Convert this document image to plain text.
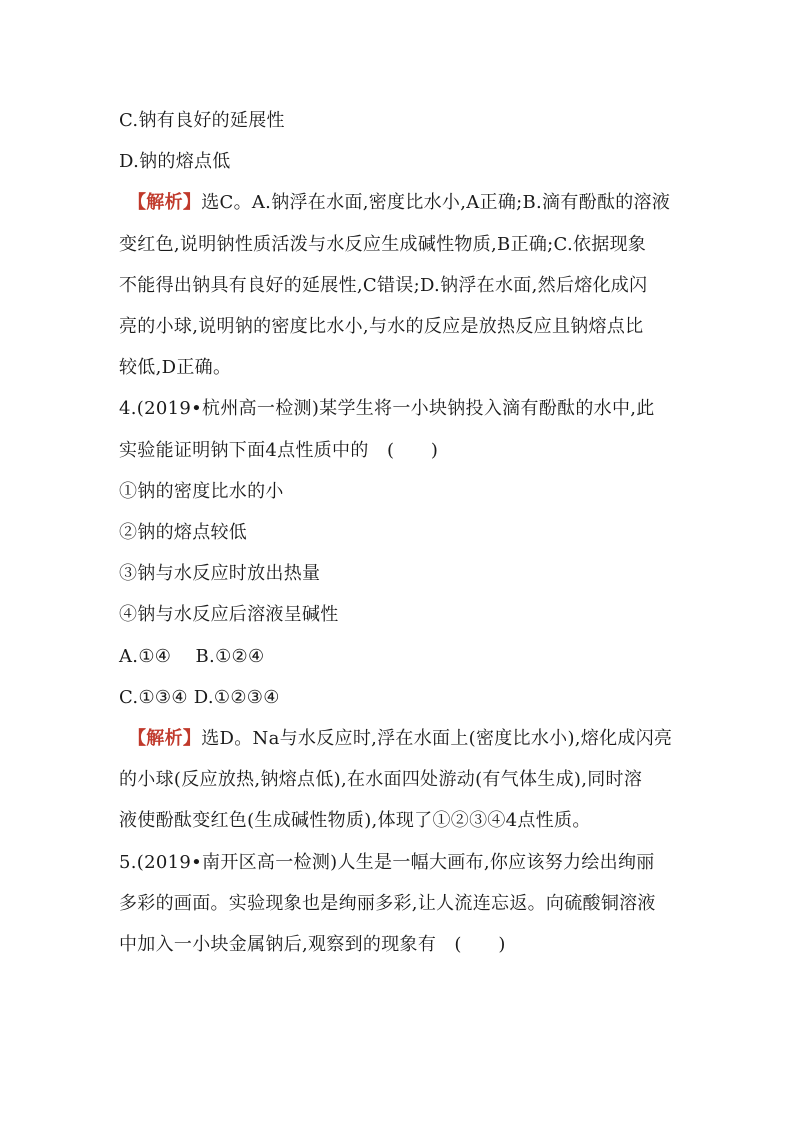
C.钠有良好的延展性
D.钠的熔点低
【解析】选C。A.钠浮在水面,密度比水小,A正确;B.滴有酚酞的溶液
变红色,说明钠性质活泼与水反应生成碱性物质,B正确;C.依据现象
不能得出钠具有良好的延展性,C错误;D.钠浮在水面,然后熔化成闪
亮的小球,说明钠的密度比水小,与水的反应是放热反应且钠熔点比
较低,D正确。
4.(2019•杭州高一检测)某学生将一小块钠投入滴有酚酞的水中,此
实验能证明钠下面4点性质中的　(　　)
①钠的密度比水的小
②钠的熔点较低
③钠与水反应时放出热量
④钠与水反应后溶液呈碱性
A.①④　 B.①②④
C.①③④ D.①②③④
【解析】选D。Na与水反应时,浮在水面上(密度比水小),熔化成闪亮
的小球(反应放热,钠熔点低),在水面四处游动(有气体生成),同时溶
液使酚酞变红色(生成碱性物质),体现了①②③④4点性质。
5.(2019•南开区高一检测)人生是一幅大画布,你应该努力绘出绚丽
多彩的画面。实验现象也是绚丽多彩,让人流连忘返。向硫酸铜溶液
中加入一小块金属钠后,观察到的现象有　(　　)
